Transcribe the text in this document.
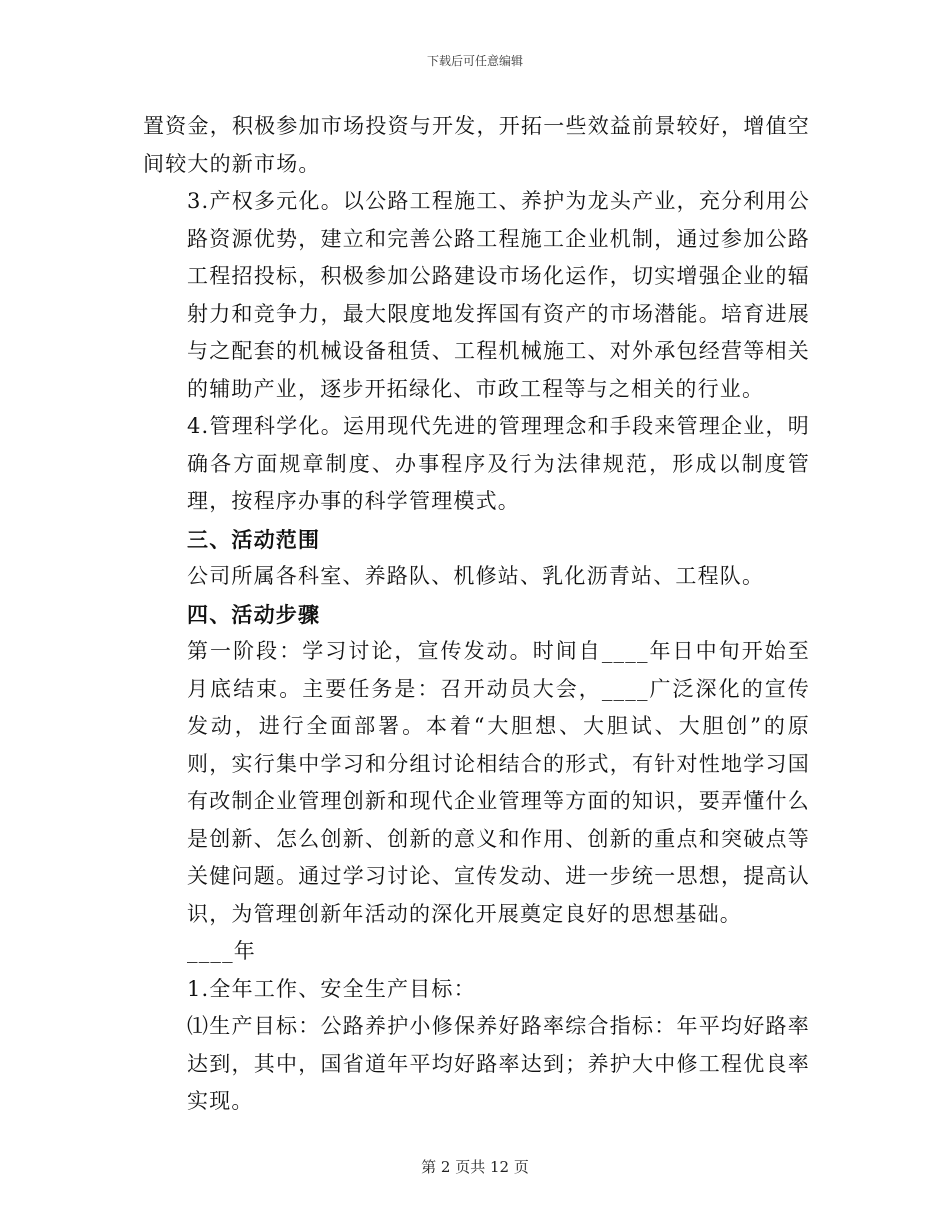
下载后可任意编辑

置资金，积极参加市场投资与开发，开拓一些效益前景较好，增值空间较大的新市场。

3.产权多元化。以公路工程施工、养护为龙头产业，充分利用公路资源优势，建立和完善公路工程施工企业机制，通过参加公路工程招投标，积极参加公路建设市场化运作，切实增强企业的辐射力和竞争力，最大限度地发挥国有资产的市场潜能。培育进展与之配套的机械设备租赁、工程机械施工、对外承包经营等相关的辅助产业，逐步开拓绿化、市政工程等与之相关的行业。

4.管理科学化。运用现代先进的管理理念和手段来管理企业，明确各方面规章制度、办事程序及行为法律规范，形成以制度管理，按程序办事的科学管理模式。

三、活动范围

公司所属各科室、养路队、机修站、乳化沥青站、工程队。

四、活动步骤

第一阶段：学习讨论，宣传发动。时间自____年日中旬开始至月底结束。主要任务是：召开动员大会，____广泛深化的宣传发动，进行全面部署。本着“大胆想、大胆试、大胆创”的原则，实行集中学习和分组讨论相结合的形式，有针对性地学习国有改制企业管理创新和现代企业管理等方面的知识，要弄懂什么是创新、怎么创新、创新的意义和作用、创新的重点和突破点等关健问题。通过学习讨论、宣传发动、进一步统一思想，提高认识，为管理创新年活动的深化开展奠定良好的思想基础。

____年

1.全年工作、安全生产目标：

⑴生产目标：公路养护小修保养好路率综合指标：年平均好路率达到，其中，国省道年平均好路率达到；养护大中修工程优良率实现。

第 2 页共 12 页
